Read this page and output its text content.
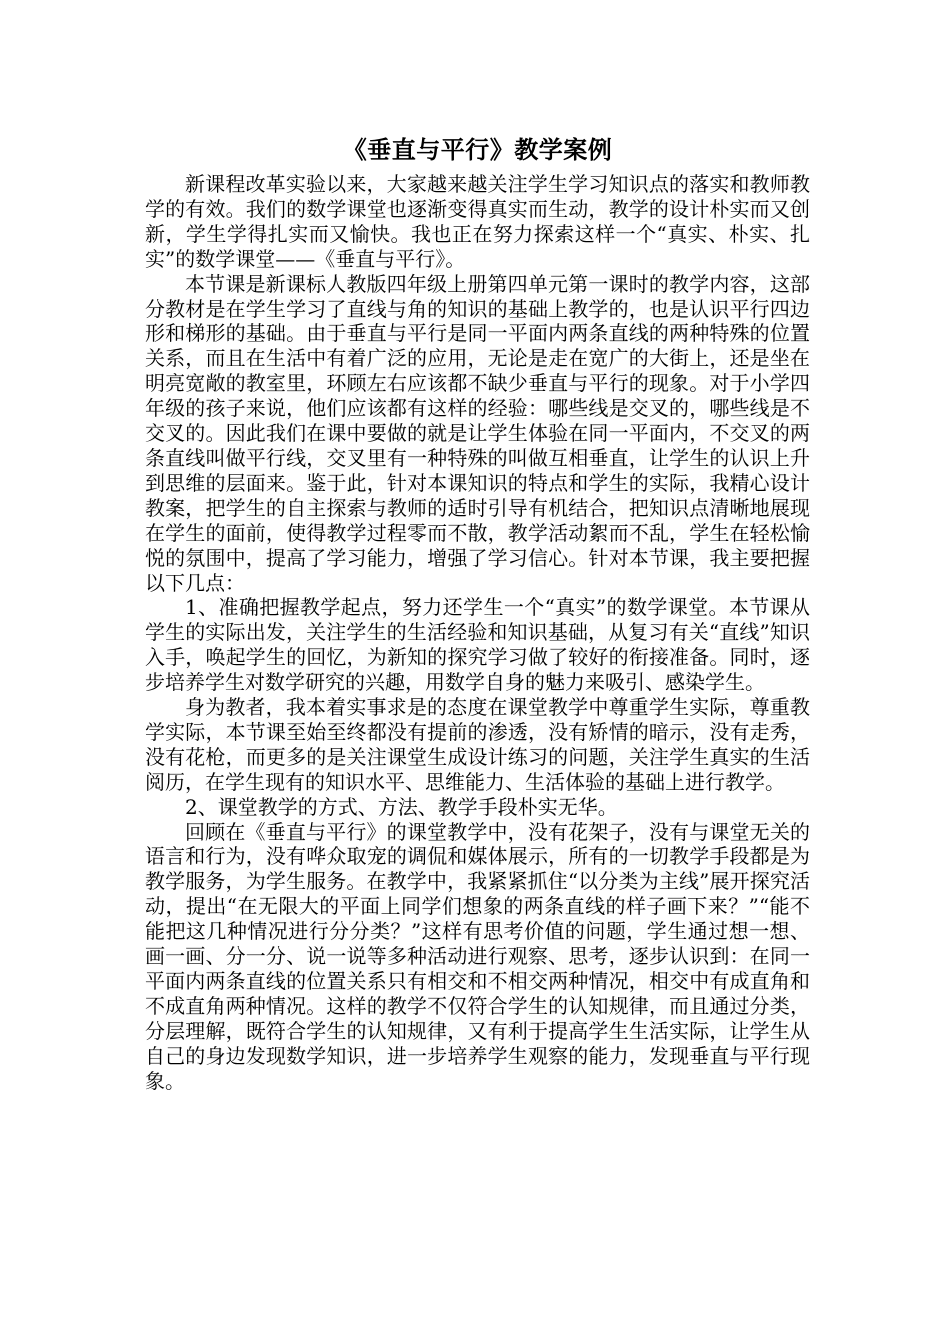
《垂直与平行》教学案例

新课程改革实验以来，大家越来越关注学生学习知识点的落实和教师教学的有效。我们的数学课堂也逐渐变得真实而生动，教学的设计朴实而又创新，学生学得扎实而又愉快。我也正在努力探索这样一个“真实、朴实、扎实”的数学课堂——《垂直与平行》。

本节课是新课标人教版四年级上册第四单元第一课时的教学内容，这部分教材是在学生学习了直线与角的知识的基础上教学的，也是认识平行四边形和梯形的基础。由于垂直与平行是同一平面内两条直线的两种特殊的位置关系，而且在生活中有着广泛的应用，无论是走在宽广的大街上，还是坐在明亮宽敞的教室里，环顾左右应该都不缺少垂直与平行的现象。对于小学四年级的孩子来说，他们应该都有这样的经验：哪些线是交叉的，哪些线是不交叉的。因此我们在课中要做的就是让学生体验在同一平面内，不交叉的两条直线叫做平行线，交叉里有一种特殊的叫做互相垂直，让学生的认识上升到思维的层面来。鉴于此，针对本课知识的特点和学生的实际，我精心设计教案，把学生的自主探索与教师的适时引导有机结合，把知识点清晰地展现在学生的面前，使得教学过程零而不散，教学活动絮而不乱，学生在轻松愉悦的氛围中，提高了学习能力，增强了学习信心。针对本节课，我主要把握以下几点：

1、准确把握教学起点，努力还学生一个“真实”的数学课堂。本节课从学生的实际出发，关注学生的生活经验和知识基础，从复习有关“直线”知识入手，唤起学生的回忆，为新知的探究学习做了较好的衔接准备。同时，逐步培养学生对数学研究的兴趣，用数学自身的魅力来吸引、感染学生。

身为教者，我本着实事求是的态度在课堂教学中尊重学生实际，尊重教学实际，本节课至始至终都没有提前的渗透，没有矫情的暗示，没有走秀，没有花枪，而更多的是关注课堂生成设计练习的问题，关注学生真实的生活阅历，在学生现有的知识水平、思维能力、生活体验的基础上进行教学。

2、课堂教学的方式、方法、教学手段朴实无华。

回顾在《垂直与平行》的课堂教学中，没有花架子，没有与课堂无关的语言和行为，没有哗众取宠的调侃和媒体展示，所有的一切教学手段都是为教学服务，为学生服务。在教学中，我紧紧抓住“以分类为主线”展开探究活动，提出“在无限大的平面上同学们想象的两条直线的样子画下来？”“能不能把这几种情况进行分分类？”这样有思考价值的问题，学生通过想一想、画一画、分一分、说一说等多种活动进行观察、思考，逐步认识到：在同一平面内两条直线的位置关系只有相交和不相交两种情况，相交中有成直角和不成直角两种情况。这样的教学不仅符合学生的认知规律，而且通过分类，分层理解，既符合学生的认知规律，又有利于提高学生生活实际，让学生从自己的身边发现数学知识，进一步培养学生观察的能力，发现垂直与平行现象。
